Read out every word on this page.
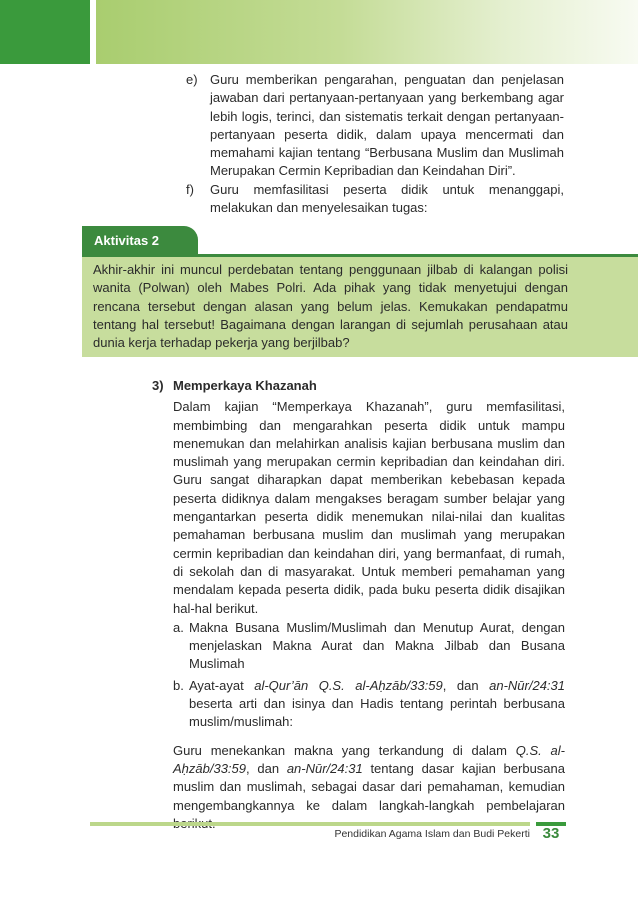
e) Guru memberikan pengarahan, penguatan dan penjelasan jawaban dari pertanyaan-pertanyaan yang berkembang agar lebih logis, terinci, dan sistematis terkait dengan pertanyaan-pertanyaan peserta didik, dalam upaya mencermati dan memahami kajian tentang “Berbusana Muslim dan Muslimah Merupakan Cermin Kepribadian dan Keindahan Diri”.
f) Guru memfasilitasi peserta didik untuk menanggapi, melakukan dan menyelesaikan tugas:
Aktivitas 2

Akhir-akhir ini muncul perdebatan tentang penggunaan jilbab di kalangan polisi wanita (Polwan) oleh Mabes Polri. Ada pihak yang tidak menyetujui dengan rencana tersebut dengan alasan yang belum jelas. Kemukakan pendapatmu tentang hal tersebut! Bagaimana dengan larangan di sejumlah perusahaan atau dunia kerja terhadap pekerja yang berjilbab?

3) Memperkaya Khazanah

Dalam kajian “Memperkaya Khazanah”, guru memfasilitasi, membimbing dan mengarahkan peserta didik untuk mampu menemukan dan melahirkan analisis kajian berbusana muslim dan muslimah yang merupakan cermin kepribadian dan keindahan diri. Guru sangat diharapkan dapat memberikan kebebasan kepada peserta didiknya dalam mengakses beragam sumber belajar yang mengantarkan peserta didik menemukan nilai-nilai dan kualitas pemahaman berbusana muslim dan muslimah yang merupakan cermin kepribadian dan keindahan diri, yang bermanfaat, di rumah, di sekolah dan di masyarakat. Untuk memberi pemahaman yang mendalam kepada peserta didik, pada buku peserta didik disajikan hal-hal berikut.

a. Makna Busana Muslim/Muslimah dan Menutup Aurat, dengan menjelaskan Makna Aurat dan Makna Jilbab dan Busana Muslimah
b. Ayat-ayat al-Qur’ān Q.S. al-Aḥzāb/33:59, dan an-Nūr/24:31 beserta arti dan isinya dan Hadis tentang perintah berbusana muslim/muslimah:

Guru menekankan makna yang terkandung di dalam Q.S. al-Aḥzāb/33:59, dan an-Nūr/24:31 tentang dasar kajian berbusana muslim dan muslimah, sebagai dasar dari pemahaman, kemudian mengembangkannya ke dalam langkah-langkah pembelajaran

Pendidikan Agama Islam dan Budi Pekerti 33
